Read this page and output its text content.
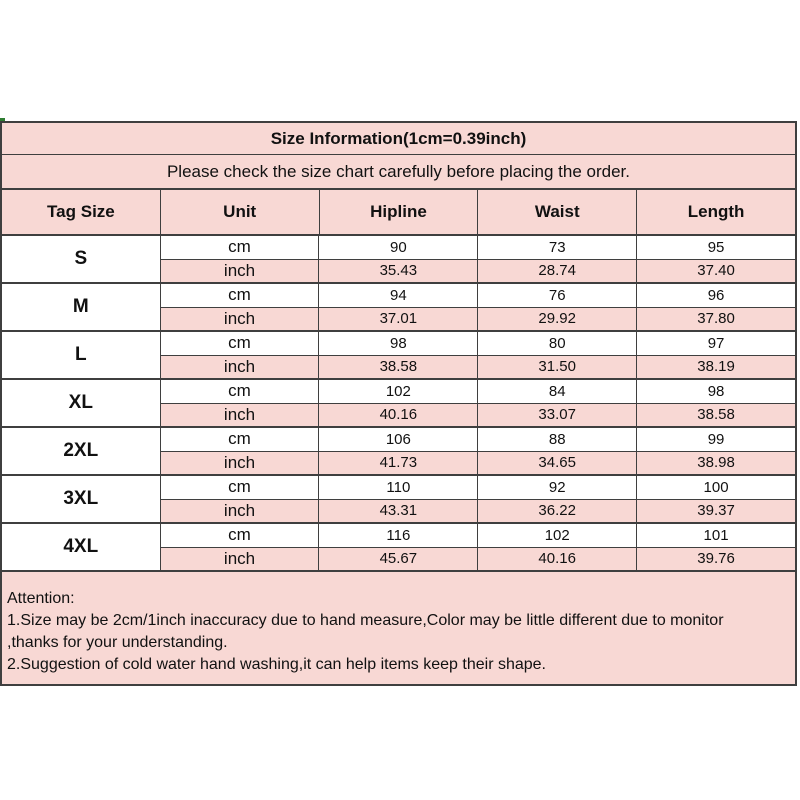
Size Information(1cm=0.39inch)
Please check the size chart carefully before placing the order.
Tag Size	Unit	Hipline	Waist	Length
S
cm	90	73	95
inch	35.43	28.74	37.40
M
cm	94	76	96
inch	37.01	29.92	37.80
L
cm	98	80	97
inch	38.58	31.50	38.19
XL
cm	102	84	98
inch	40.16	33.07	38.58
2XL
cm	106	88	99
inch	41.73	34.65	38.98
3XL
cm	110	92	100
inch	43.31	36.22	39.37
4XL
cm	116	102	101
inch	45.67	40.16	39.76
Attention:
1.Size may be 2cm/1inch inaccuracy due to hand measure,Color may be little different due to monitor
,thanks for your understanding.
2.Suggestion of cold water hand washing,it can help items keep their shape.
